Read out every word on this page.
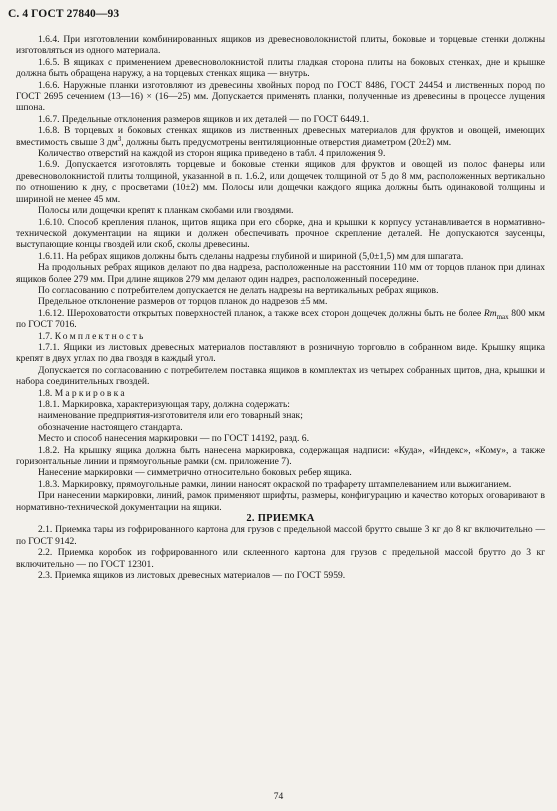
С. 4 ГОСТ 27840—93

1.6.4. При изготовлении комбинированных ящиков из древесноволокнистой плиты, боковые и торцевые стенки должны изготовляться из одного материала.

1.6.5. В ящиках с применением древесноволокнистой плиты гладкая сторона плиты на боковых стенках, дне и крышке должна быть обращена наружу, а на торцевых стенках ящика — внутрь.

1.6.6. Наружные планки изготовляют из древесины хвойных пород по ГОСТ 8486, ГОСТ 24454 и лиственных пород по ГОСТ 2695 сечением (13—16) × (16—25) мм. Допускается применять планки, полученные из древесины в процессе лущения шпона.

1.6.7. Предельные отклонения размеров ящиков и их деталей — по ГОСТ 6449.1.

1.6.8. В торцевых и боковых стенках ящиков из лиственных древесных материалов для фруктов и овощей, имеющих вместимость свыше 3 $дм^3$, должны быть предусмотрены вентиляционные отверстия диаметром (20±2) мм.

Количество отверстий на каждой из сторон ящика приведено в табл. 4 приложения 9.

1.6.9. Допускается изготовлять торцевые и боковые стенки ящиков для фруктов и овощей из полос фанеры или древесноволокнистой плиты толщиной, указанной в п. 1.6.2, или дощечек толщиной от 5 до 8 мм, расположенных вертикально по отношению к дну, с просветами (10±2) мм. Полосы или дощечки каждого ящика должны быть одинаковой толщины и шириной не менее 45 мм.

Полосы или дощечки крепят к планкам скобами или гвоздями.

1.6.10. Способ крепления планок, щитов ящика при его сборке, дна и крышки к корпусу устанавливается в нормативно-технической документации на ящики и должен обеспечивать прочное скрепление деталей. Не допускаются заусенцы, выступающие концы гвоздей или скоб, сколы древесины.

1.6.11. На ребрах ящиков должны быть сделаны надрезы глубиной и шириной (5,0±1,5) мм для шпагата.

На продольных ребрах ящиков делают по два надреза, расположенные на расстоянии 110 мм от торцов планок при длинах ящиков более 279 мм. При длине ящиков 279 мм делают один надрез, расположенный посередине.

По согласованию с потребителем допускается не делать надрезы на вертикальных ребрах ящиков.

Предельное отклонение размеров от торцов планок до надрезов ±5 мм.

1.6.12. Шероховатости открытых поверхностей планок, а также всех сторон дощечек должны быть не более $Rm_{max}$ 800 мкм по ГОСТ 7016.

1.7. Комплектность

1.7.1. Ящики из листовых древесных материалов поставляют в розничную торговлю в собранном виде. Крышку ящика крепят в двух углах по два гвоздя в каждый угол.

Допускается по согласованию с потребителем поставка ящиков в комплектах из четырех собранных щитов, дна, крышки и набора соединительных гвоздей.

1.8. Маркировка

1.8.1. Маркировка, характеризующая тару, должна содержать:

наименование предприятия-изготовителя или его товарный знак;

обозначение настоящего стандарта.

Место и способ нанесения маркировки — по ГОСТ 14192, разд. 6.

1.8.2. На крышку ящика должна быть нанесена маркировка, содержащая надписи: «Куда», «Индекс», «Кому», а также горизонтальные линии и прямоугольные рамки (см. приложение 7).

Нанесение маркировки — симметрично относительно боковых ребер ящика.

1.8.3. Маркировку, прямоугольные рамки, линии наносят окраской по трафарету штампелеванием или выжиганием.

При нанесении маркировки, линий, рамок применяют шрифты, размеры, конфигурацию и качество которых оговаривают в нормативно-технической документации на ящики.

2. ПРИЕМКА

2.1. Приемка тары из гофрированного картона для грузов с предельной массой брутто свыше 3 кг до 8 кг включительно — по ГОСТ 9142.

2.2. Приемка коробок из гофрированного или склеенного картона для грузов с предельной массой брутто до 3 кг включительно — по ГОСТ 12301.

2.3. Приемка ящиков из листовых древесных материалов — по ГОСТ 5959.

74
